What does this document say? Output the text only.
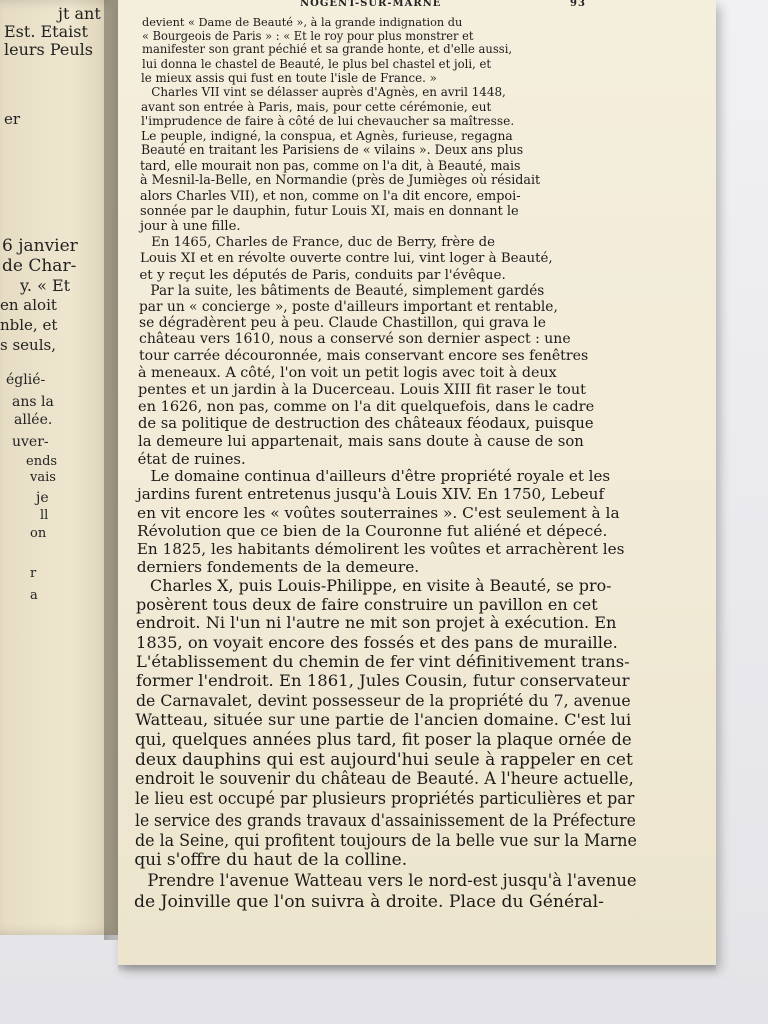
jt ant
Est. Etaist
leurs Peuls
er
6 janvier
de Char-
y. « Et
en aloit
nble, et
s seuls,
églié-
ans la
allée.
uver-
ends
vais
je
ll
on
r
a
NOGENT-SUR-MARNE	93
devient « Dame de Beauté », à la grande indignation du
« Bourgeois de Paris » : « Et le roy pour plus monstrer et
manifester son grant péchié et sa grande honte, et d'elle aussi,
lui donna le chastel de Beauté, le plus bel chastel et joli, et
le mieux assis qui fust en toute l'isle de France. »
Charles VII vint se délasser auprès d'Agnès, en avril 1448,
avant son entrée à Paris, mais, pour cette cérémonie, eut
l'imprudence de faire à côté de lui chevaucher sa maîtresse.
Le peuple, indigné, la conspua, et Agnès, furieuse, regagna
Beauté en traitant les Parisiens de « vilains ». Deux ans plus
tard, elle mourait non pas, comme on l'a dit, à Beauté, mais
à Mesnil-la-Belle, en Normandie (près de Jumièges où résidait
alors Charles VII), et non, comme on l'a dit encore, empoi-
sonnée par le dauphin, futur Louis XI, mais en donnant le
jour à une fille.
En 1465, Charles de France, duc de Berry, frère de
Louis XI et en révolte ouverte contre lui, vint loger à Beauté,
et y reçut les députés de Paris, conduits par l'évêque.
Par la suite, les bâtiments de Beauté, simplement gardés
par un « concierge », poste d'ailleurs important et rentable,
se dégradèrent peu à peu. Claude Chastillon, qui grava le
château vers 1610, nous a conservé son dernier aspect : une
tour carrée découronnée, mais conservant encore ses fenêtres
à meneaux. A côté, l'on voit un petit logis avec toit à deux
pentes et un jardin à la Ducerceau. Louis XIII fit raser le tout
en 1626, non pas, comme on l'a dit quelquefois, dans le cadre
de sa politique de destruction des châteaux féodaux, puisque
la demeure lui appartenait, mais sans doute à cause de son
état de ruines.
Le domaine continua d'ailleurs d'être propriété royale et les
jardins furent entretenus jusqu'à Louis XIV. En 1750, Lebeuf
en vit encore les « voûtes souterraines ». C'est seulement à la
Révolution que ce bien de la Couronne fut aliéné et dépecé.
En 1825, les habitants démolirent les voûtes et arrachèrent les
derniers fondements de la demeure.
Charles X, puis Louis-Philippe, en visite à Beauté, se pro-
posèrent tous deux de faire construire un pavillon en cet
endroit. Ni l'un ni l'autre ne mit son projet à exécution. En
1835, on voyait encore des fossés et des pans de muraille.
L'établissement du chemin de fer vint définitivement trans-
former l'endroit. En 1861, Jules Cousin, futur conservateur
de Carnavalet, devint possesseur de la propriété du 7, avenue
Watteau, située sur une partie de l'ancien domaine. C'est lui
qui, quelques années plus tard, fit poser la plaque ornée de
deux dauphins qui est aujourd'hui seule à rappeler en cet
endroit le souvenir du château de Beauté. A l'heure actuelle,
le lieu est occupé par plusieurs propriétés particulières et par
le service des grands travaux d'assainissement de la Préfecture
de la Seine, qui profitent toujours de la belle vue sur la Marne
qui s'offre du haut de la colline.
Prendre l'avenue Watteau vers le nord-est jusqu'à l'avenue
de Joinville que l'on suivra à droite. Place du Général-
